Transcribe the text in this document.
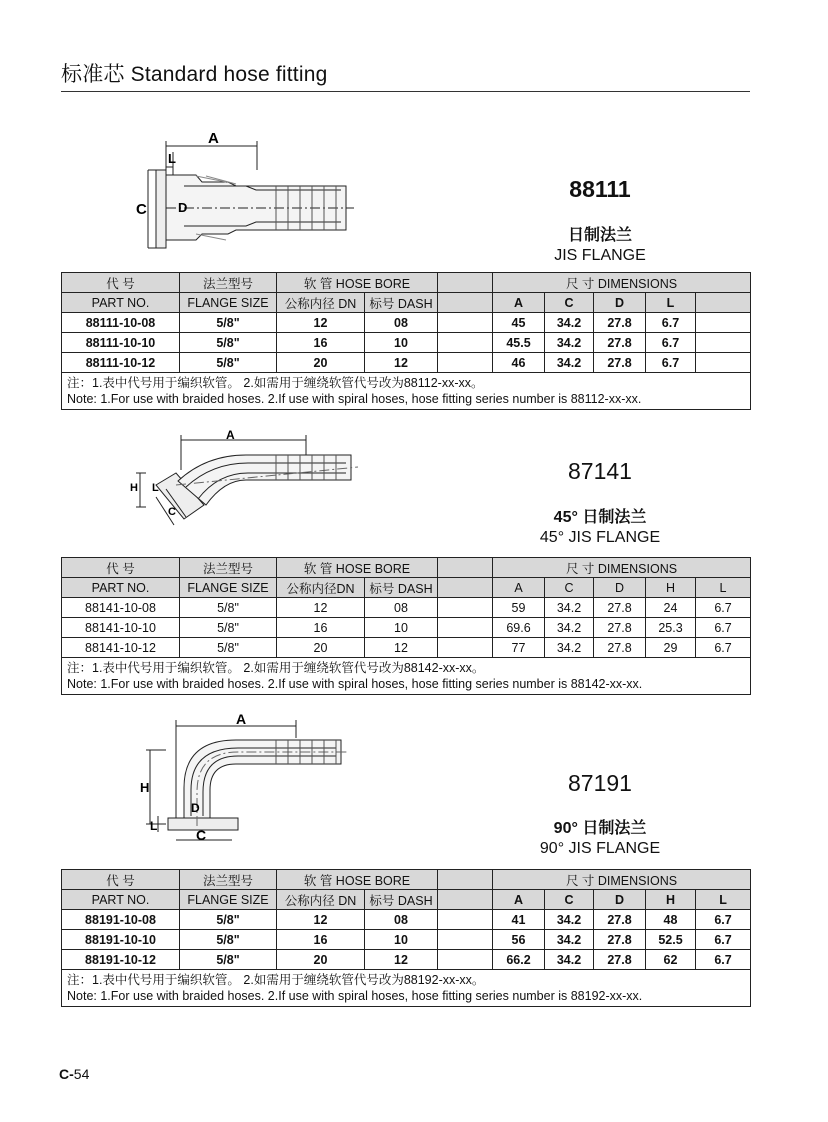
标准芯 Standard hose fitting
A
L
C D
88111
日制法兰
JIS FLANGE
代 号	法兰型号	软 管 HOSE BORE			尺 寸 DIMENSIONS				
PART NO.	FLANGE SIZE	公称内径 DN	标号 DASH		A	C	D	L	
88111-10-08	5/8"	12	08		45	34.2	27.8	6.7	
88111-10-10	5/8"	16	10		45.5	34.2	27.8	6.7	
88111-10-12	5/8"	20	12		46	34.2	27.8	6.7	

注：1.表中代号用于编织软管。 2.如需用于缠绕软管代号改为88112-xx-xx。
Note: 1.For use with braided hoses. 2.If use with spiral hoses, hose fitting series number is 88112-xx-xx.									
A
H L
C
87141
45° 日制法兰
45° JIS FLANGE
代 号	法兰型号	软 管 HOSE BORE			尺 寸 DIMENSIONS				
PART NO.	FLANGE SIZE	公称内径DN	标号 DASH		A	C	D	H	L
88141-10-08	5/8"	12	08		59	34.2	27.8	24	6.7
88141-10-10	5/8"	16	10		69.6	34.2	27.8	25.3	6.7
88141-10-12	5/8"	20	12		77	34.2	27.8	29	6.7

注：1.表中代号用于编织软管。 2.如需用于缠绕软管代号改为88142-xx-xx。
Note: 1.For use with braided hoses. 2.If use with spiral hoses, hose fitting series number is 88142-xx-xx.									
A
H
L
D
C
87191
90° 日制法兰
90° JIS FLANGE
代 号	法兰型号	软 管 HOSE BORE			尺 寸 DIMENSIONS				
PART NO.	FLANGE SIZE	公称内径 DN	标号 DASH		A	C	D	H	L
88191-10-08	5/8"	12	08		41	34.2	27.8	48	6.7
88191-10-10	5/8"	16	10		56	34.2	27.8	52.5	6.7
88191-10-12	5/8"	20	12		66.2	34.2	27.8	62	6.7

注：1.表中代号用于编织软管。 2.如需用于缠绕软管代号改为88192-xx-xx。
Note: 1.For use with braided hoses. 2.If use with spiral hoses, hose fitting series number is 88192-xx-xx.									
C-54
